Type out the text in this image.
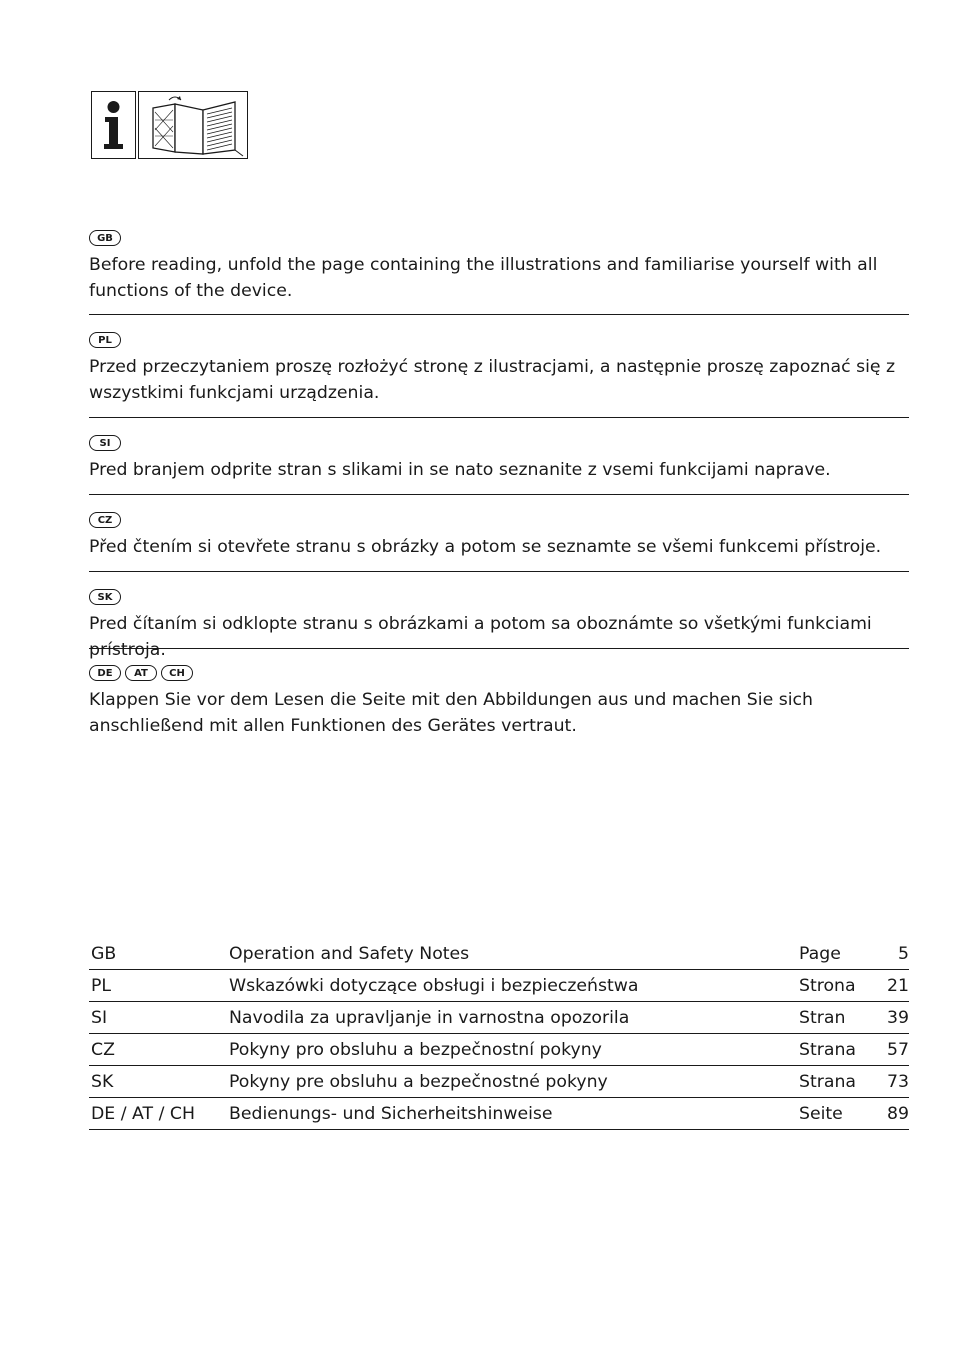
GB

Before reading, unfold the page containing the illustrations and familiarise yourself with all functions of the device.

PL

Przed przeczytaniem proszę rozłożyć stronę z ilustracjami, a następnie proszę zapoznać się z wszystkimi funkcjami urządzenia.

SI

Pred branjem odprite stran s slikami in se nato seznanite z vsemi funkcijami naprave.

CZ

Před čtením si otevřete stranu s obrázky a potom se seznamte se všemi funkcemi přístroje.

SK

Pred čítaním si odklopte stranu s obrázkami a potom sa oboznámte so všetkými funkciami prístroja.

DE	AT	CH

Klappen Sie vor dem Lesen die Seite mit den Abbildungen aus und machen Sie sich anschließend mit allen Funktionen des Gerätes vertraut.

GB	Operation and Safety Notes	Page	5
PL	Wskazówki dotyczące obsługi i bezpieczeństwa	Strona	21
SI	Navodila za upravljanje in varnostna opozorila	Stran	39
CZ	Pokyny pro obsluhu a bezpečnostní pokyny	Strana	57
SK	Pokyny pre obsluhu a bezpečnostné pokyny	Strana	73
DE / AT / CH	Bedienungs- und Sicherheitshinweise	Seite	89
